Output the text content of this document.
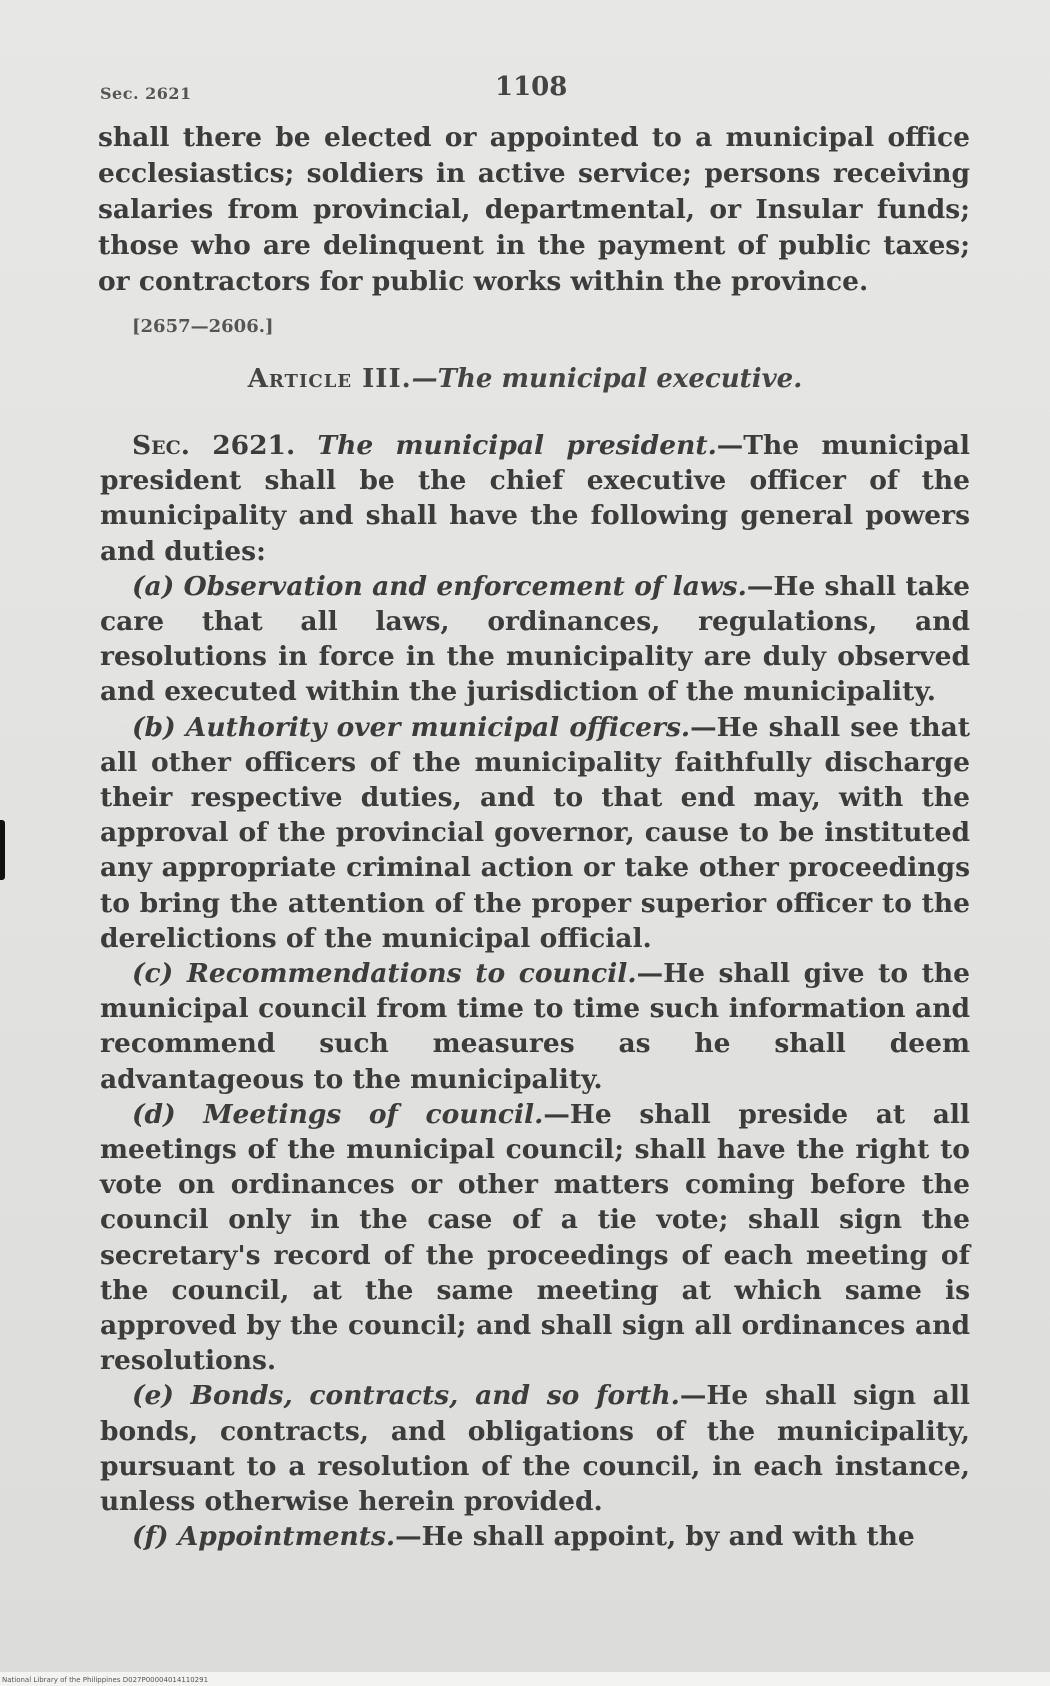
Sec. 2621	1108

shall there be elected or appointed to a municipal office ecclesiastics; soldiers in active service; persons receiving salaries from provincial, departmental, or Insular funds; those who are delinquent in the payment of public taxes; or contractors for public works within the province.

[2657—2606.]
Article III.—The municipal executive.

Sec. 2621. The municipal president.—The municipal president shall be the chief executive officer of the municipality and shall have the following general powers and duties:

(a) Observation and enforcement of laws.—He shall take care that all laws, ordinances, regulations, and resolutions in force in the municipality are duly observed and executed within the jurisdiction of the municipality.

(b) Authority over municipal officers.—He shall see that all other officers of the municipality faithfully discharge their respective duties, and to that end may, with the approval of the provincial governor, cause to be instituted any appropriate criminal action or take other proceedings to bring the attention of the proper superior officer to the derelictions of the municipal official.

(c) Recommendations to council.—He shall give to the municipal council from time to time such information and recommend such measures as he shall deem advantageous to the municipality.

(d) Meetings of council.—He shall preside at all meetings of the municipal council; shall have the right to vote on ordinances or other matters coming before the council only in the case of a tie vote; shall sign the secretary's record of the proceedings of each meeting of the council, at the same meeting at which same is approved by the council; and shall sign all ordinances and resolutions.

(e) Bonds, contracts, and so forth.—He shall sign all bonds, contracts, and obligations of the municipality, pursuant to a resolution of the council, in each instance, unless otherwise herein provided.

(f) Appointments.—He shall appoint, by and with the

National Library of the Philippines D027P00004014110291
